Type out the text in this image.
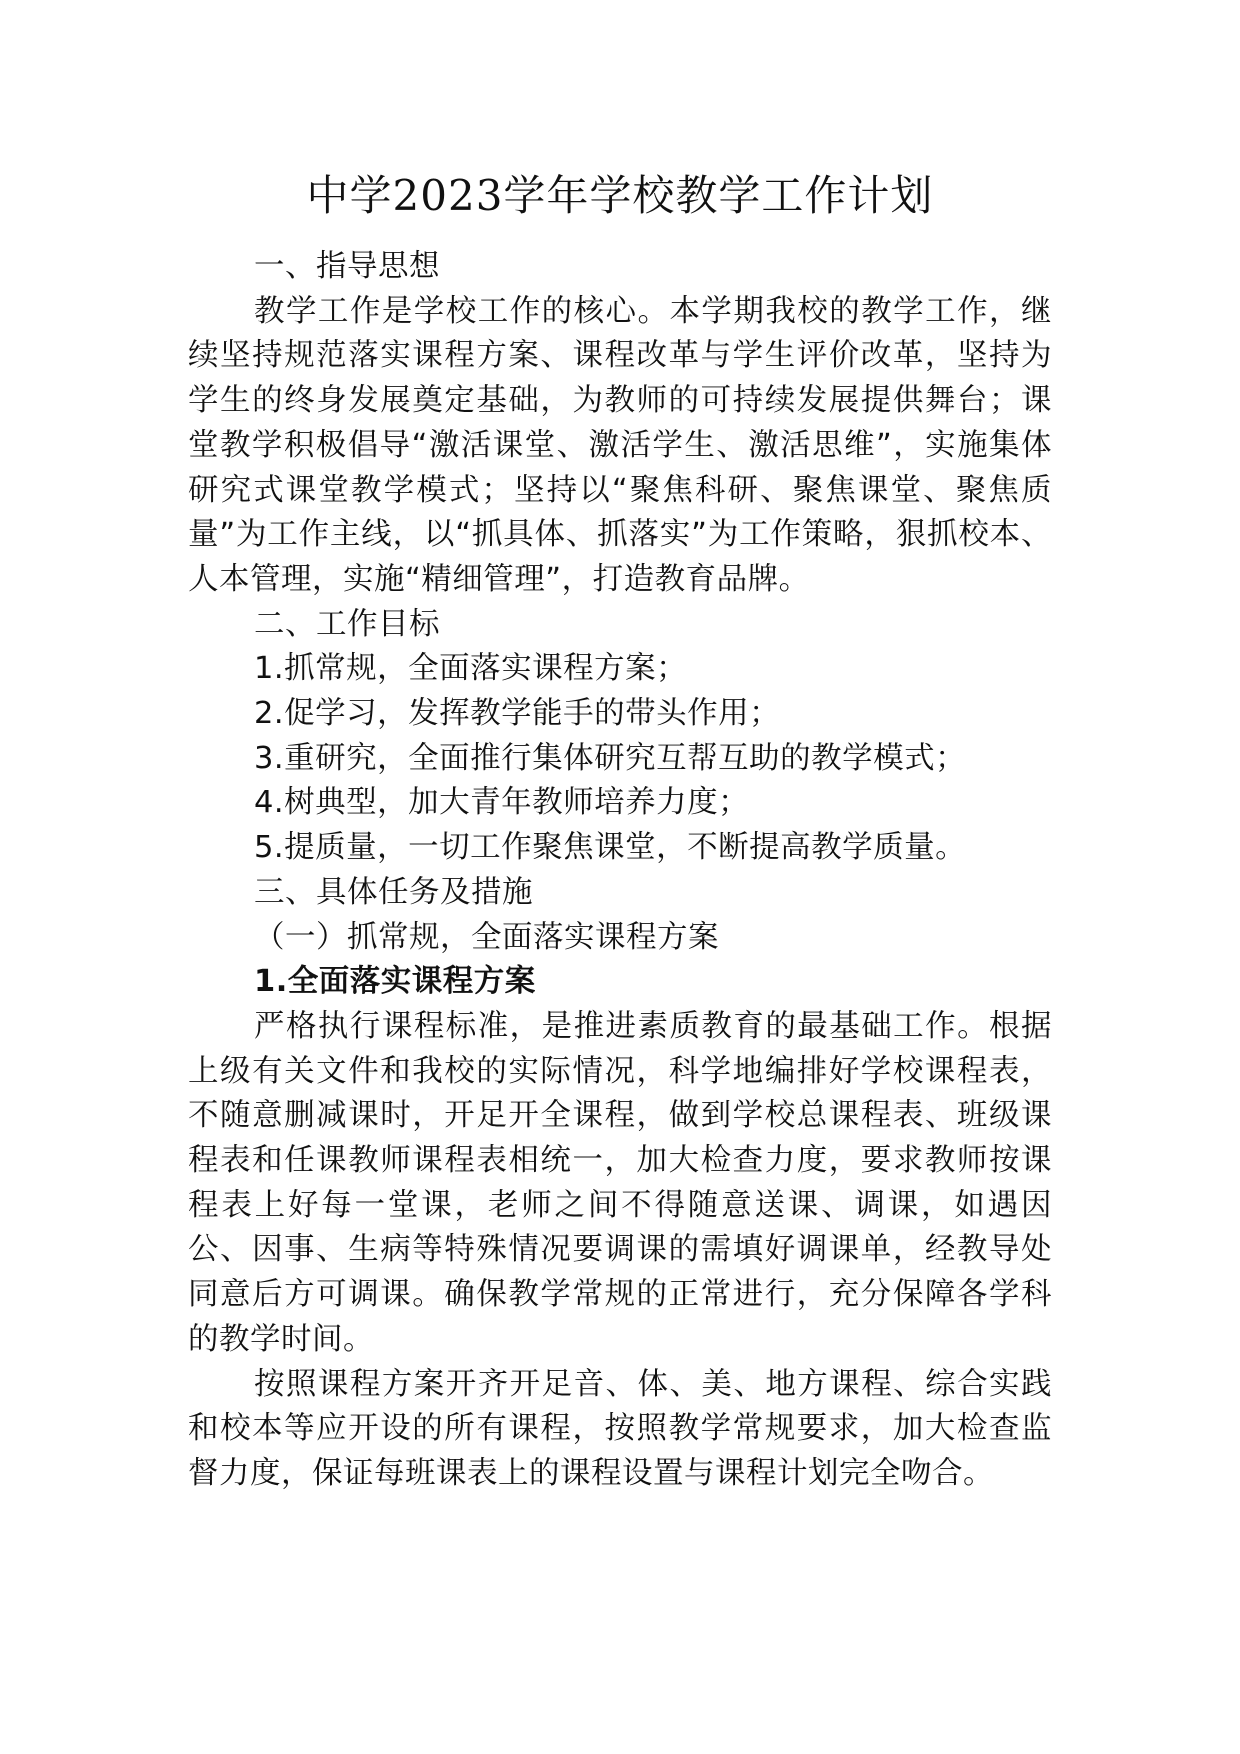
中学2023学年学校教学工作计划

一、指导思想

教学工作是学校工作的核心。本学期我校的教学工作，继续坚持规范落实课程方案、课程改革与学生评价改革，坚持为学生的终身发展奠定基础，为教师的可持续发展提供舞台；课堂教学积极倡导“激活课堂、激活学生、激活思维”，实施集体研究式课堂教学模式；坚持以“聚焦科研、聚焦课堂、聚焦质量”为工作主线，以“抓具体、抓落实”为工作策略，狠抓校本、人本管理，实施“精细管理”，打造教育品牌。

二、工作目标

1.抓常规，全面落实课程方案；

2.促学习，发挥教学能手的带头作用；

3.重研究，全面推行集体研究互帮互助的教学模式；

4.树典型，加大青年教师培养力度；

5.提质量，一切工作聚焦课堂，不断提高教学质量。

三、具体任务及措施

（一）抓常规，全面落实课程方案

1.全面落实课程方案

严格执行课程标准，是推进素质教育的最基础工作。根据上级有关文件和我校的实际情况，科学地编排好学校课程表，不随意删减课时，开足开全课程，做到学校总课程表、班级课程表和任课教师课程表相统一，加大检查力度，要求教师按课程表上好每一堂课，老师之间不得随意送课、调课，如遇因公、因事、生病等特殊情况要调课的需填好调课单，经教导处同意后方可调课。确保教学常规的正常进行，充分保障各学科的教学时间。

按照课程方案开齐开足音、体、美、地方课程、综合实践和校本等应开设的所有课程，按照教学常规要求，加大检查监督力度，保证每班课表上的课程设置与课程计划完全吻合。
